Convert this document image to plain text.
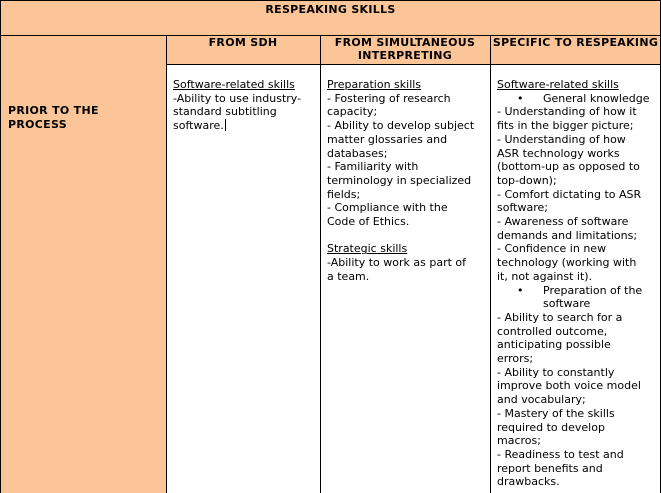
RESPEAKING SKILLS
PRIOR TO THE PROCESS
FROM SDH	FROM SIMULTANEOUS INTERPRETING
SPECIFIC TO RESPEAKING
Software-related skills
-Ability to use industry-
standard subtitling
software.
Preparation skills
- Fostering of research
capacity;
- Ability to develop subject
matter glossaries and
databases;
- Familiarity with
terminology in specialized
fields;
- Compliance with the
Code of Ethics.
Strategic skills
-Ability to work as part of
a team.
Software-related skills
• General knowledge
- Understanding of how it
fits in the bigger picture;
- Understanding of how
ASR technology works
(bottom-up as opposed to
top-down);
- Comfort dictating to ASR
software;
- Awareness of software
demands and limitations;
- Confidence in new
technology (working with
it, not against it).
• Preparation of the
software
- Ability to search for a
controlled outcome,
anticipating possible
errors;
- Ability to constantly
improve both voice model
and vocabulary;
- Mastery of the skills
required to develop
macros;
- Readiness to test and
report benefits and
drawbacks.
